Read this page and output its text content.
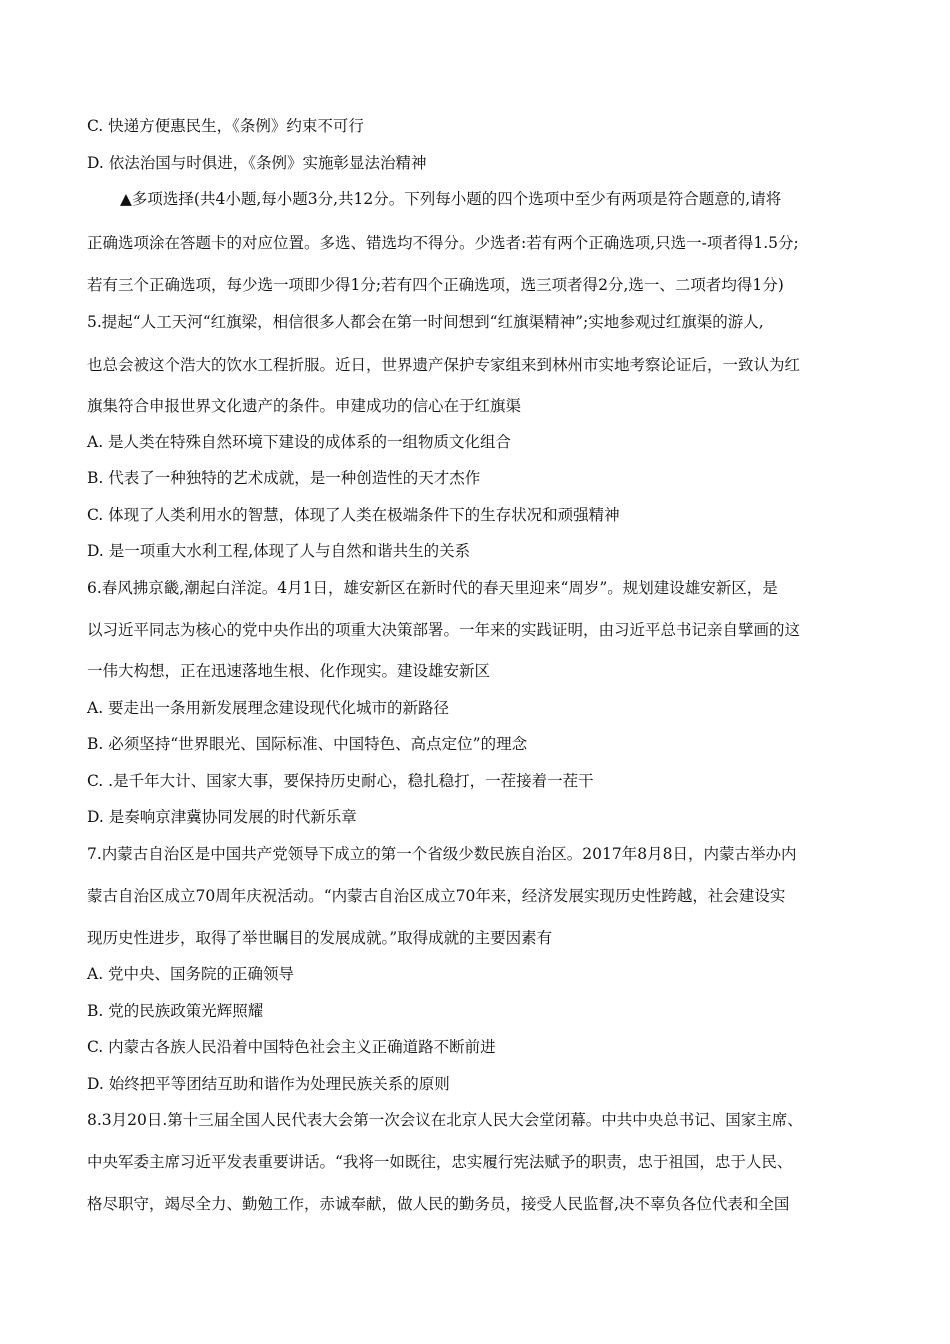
C. 快递方便惠民生，《条例》约束不可行
D. 依法治国与时俱进，《条例》实施彰显法治精神
▲多项选择(共4小题,每小题3分,共12分。下列每小题的四个选项中至少有两项是符合题意的,请将
正确选项涂在答题卡的对应位置。多选、错选均不得分。少选者:若有两个正确选项,只选一-项者得1.5分;
若有三个正确选项，每少选一项即少得1分;若有四个正确选项，选三项者得2分,选一、二项者均得1分)
5.提起“人工天河“红旗梁，相信很多人都会在第一时间想到“红旗渠精神”;实地参观过红旗渠的游人,
也总会被这个浩大的饮水工程折服。近日，世界遗产保护专家组来到林州市实地考察论证后，一致认为红
旗集符合申报世界文化遗产的条件。申建成功的信心在于红旗渠
A. 是人类在特殊自然环境下建设的成体系的一组物质文化组合
B. 代表了一种独特的艺术成就，是一种创造性的天才杰作
C. 体现了人类利用水的智慧，体现了人类在极端条件下的生存状况和顽强精神
D. 是一项重大水利工程,体现了人与自然和谐共生的关系
6.春风拂京畿,潮起白洋淀。4月1日，雄安新区在新时代的春天里迎来“周岁”。规划建设雄安新区，是
以习近平同志为核心的党中央作出的项重大决策部署。一年来的实践证明，由习近平总书记亲自擘画的这
一伟大构想，正在迅速落地生根、化作现实。建设雄安新区
A. 要走出一条用新发展理念建设现代化城市的新路径
B. 必须坚持“世界眼光、国际标准、中国特色、高点定位”的理念
C. .是千年大计、国家大事，要保持历史耐心，稳扎稳打，一茬接着一茬干
D. 是奏响京津冀协同发展的时代新乐章
7.内蒙古自治区是中国共产党领导下成立的第一个省级少数民族自治区。2017年8月8日，内蒙古举办内
蒙古自治区成立70周年庆祝活动。“内蒙古自治区成立70年来，经济发展实现历史性跨越，社会建设实
现历史性进步，取得了举世瞩目的发展成就。”取得成就的主要因素有
A. 党中央、国务院的正确领导
B. 党的民族政策光辉照耀
C. 内蒙古各族人民沿着中国特色社会主义正确道路不断前进
D. 始终把平等团结互助和谐作为处理民族关系的原则
8.3月20日.第十三届全国人民代表大会第一次会议在北京人民大会堂闭幕。中共中央总书记、国家主席、
中央军委主席习近平发表重要讲话。“我将一如既往，忠实履行宪法赋予的职责，忠于祖国，忠于人民、
格尽职守，竭尽全力、勤勉工作，赤诚奉献，做人民的勤务员，接受人民监督,决不辜负各位代表和全国
